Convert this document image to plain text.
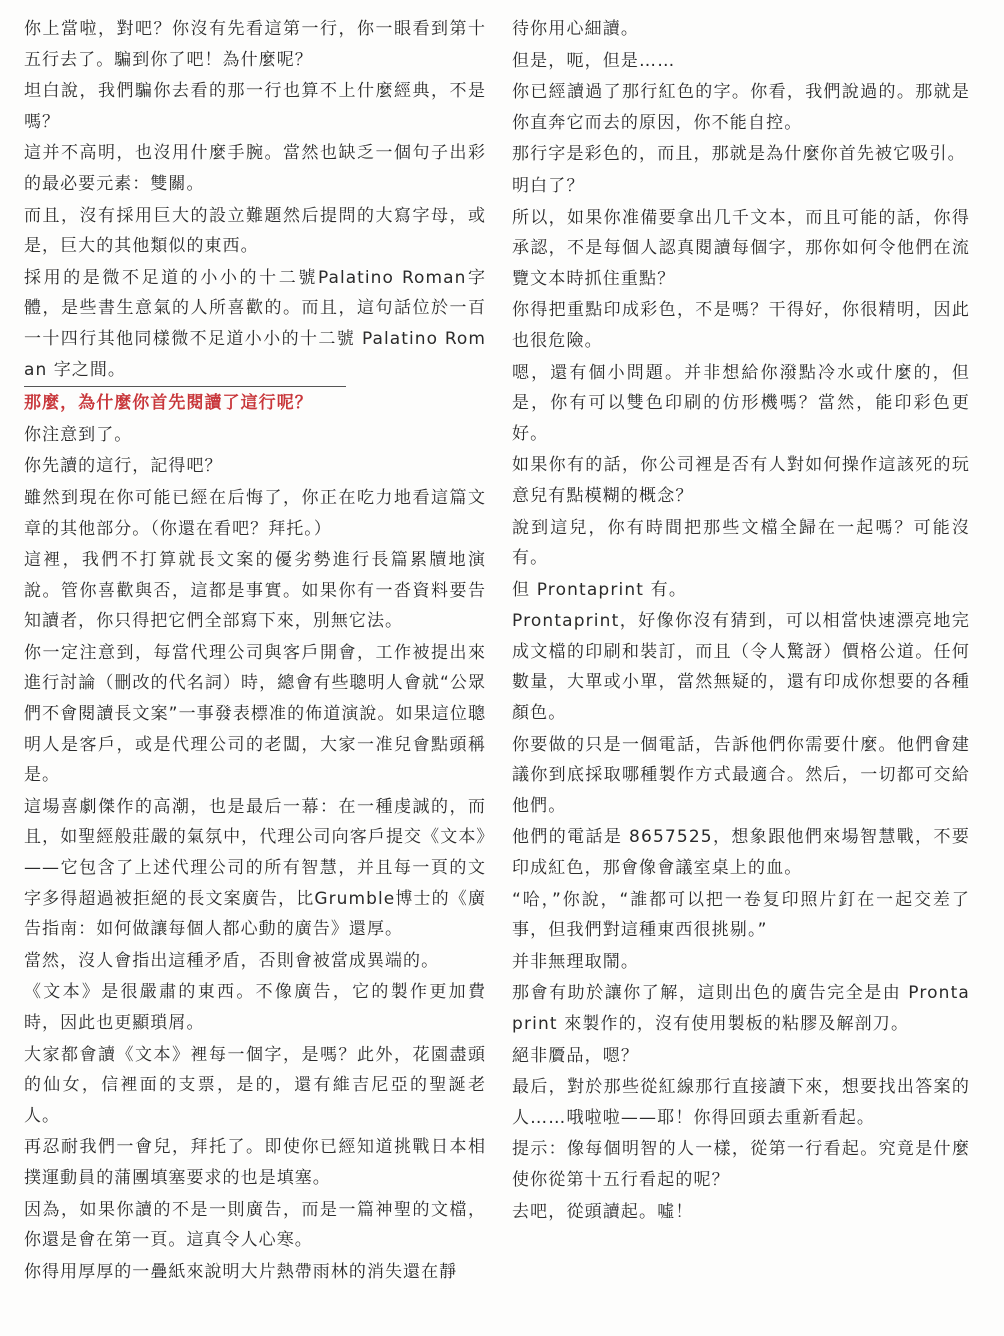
你上當啦，對吧？你沒有先看這第一行，你一眼看到第十五行去了。騙到你了吧！為什麼呢？

坦白說，我們騙你去看的那一行也算不上什麼經典，不是嗎？

這并不高明，也沒用什麼手腕。當然也缺乏一個句子出彩的最必要元素：雙關。

而且，沒有採用巨大的設立難題然后提問的大寫字母，或是，巨大的其他類似的東西。

採用的是微不足道的小小的十二號Palatino Roman字體，是些書生意氣的人所喜歡的。而且，這句話位於一百一十四行其他同樣微不足道小小的十二號 Palatino Roman 字之間。

那麼，為什麼你首先閱讀了這行呢？

你注意到了。

你先讀的這行，記得吧？

雖然到現在你可能已經在后悔了，你正在吃力地看這篇文章的其他部分。（你還在看吧？拜托。）

這裡，我們不打算就長文案的優劣勢進行長篇累牘地演說。管你喜歡與否，這都是事實。如果你有一沓資料要告知讀者，你只得把它們全部寫下來，別無它法。

你一定注意到，每當代理公司與客戶開會，工作被提出來進行討論（刪改的代名詞）時，總會有些聰明人會就“公眾們不會閱讀長文案”一事發表標准的佈道演說。如果這位聰明人是客戶，或是代理公司的老闆，大家一准兒會點頭稱是。

這場喜劇傑作的高潮，也是最后一幕：在一種虔誠的，而且，如聖經般莊嚴的氣氛中，代理公司向客戶提交《文本》——它包含了上述代理公司的所有智慧，并且每一頁的文字多得超過被拒絕的長文案廣告，比Grumble博士的《廣告指南：如何做讓每個人都心動的廣告》還厚。

當然，沒人會指出這種矛盾，否則會被當成異端的。

《文本》是很嚴肅的東西。不像廣告，它的製作更加費時，因此也更顯瑣屑。

大家都會讀《文本》裡每一個字，是嗎？此外，花園盡頭的仙女，信裡面的支票，是的，還有維吉尼亞的聖誕老人。

再忍耐我們一會兒，拜托了。即使你已經知道挑戰日本相撲運動員的蒲團填塞要求的也是填塞。

因為，如果你讀的不是一則廣告，而是一篇神聖的文檔，你還是會在第一頁。這真令人心寒。

你得用厚厚的一疊紙來說明大片熱帶雨林的消失還在靜

待你用心細讀。

但是，呃，但是……

你已經讀過了那行紅色的字。你看，我們說過的。那就是你直奔它而去的原因，你不能自控。

那行字是彩色的，而且，那就是為什麼你首先被它吸引。

明白了？

所以，如果你准備要拿出几千文本，而且可能的話，你得承認，不是每個人認真閱讀每個字，那你如何令他們在流覽文本時抓住重點？

你得把重點印成彩色，不是嗎？干得好，你很精明，因此也很危險。

嗯，還有個小問題。并非想給你潑點冷水或什麼的，但是，你有可以雙色印刷的仿形機嗎？當然，能印彩色更好。

如果你有的話，你公司裡是否有人對如何操作這該死的玩意兒有點模糊的概念？

說到這兒，你有時間把那些文檔全歸在一起嗎？可能沒有。

但 Prontaprint 有。

Prontaprint，好像你沒有猜到，可以相當快速漂亮地完成文檔的印刷和裝訂，而且（令人驚訝）價格公道。任何數量，大單或小單，當然無疑的，還有印成你想要的各種顏色。

你要做的只是一個電話，告訴他們你需要什麼。他們會建議你到底採取哪種製作方式最適合。然后，一切都可交給他們。

他們的電話是 8657525，想象跟他們來場智慧戰，不要印成紅色，那會像會議室桌上的血。

“哈，”你說，“誰都可以把一卷复印照片釘在一起交差了事，但我們對這種東西很挑剔。”

并非無理取鬧。

那會有助於讓你了解，這則出色的廣告完全是由 Prontaprint 來製作的，沒有使用製板的粘膠及解剖刀。

絕非贗品，嗯？

最后，對於那些從紅線那行直接讀下來，想要找出答案的人……哦啦啦——耶！你得回頭去重新看起。

提示：像每個明智的人一樣，從第一行看起。究竟是什麼使你從第十五行看起的呢？

去吧，從頭讀起。噓！
